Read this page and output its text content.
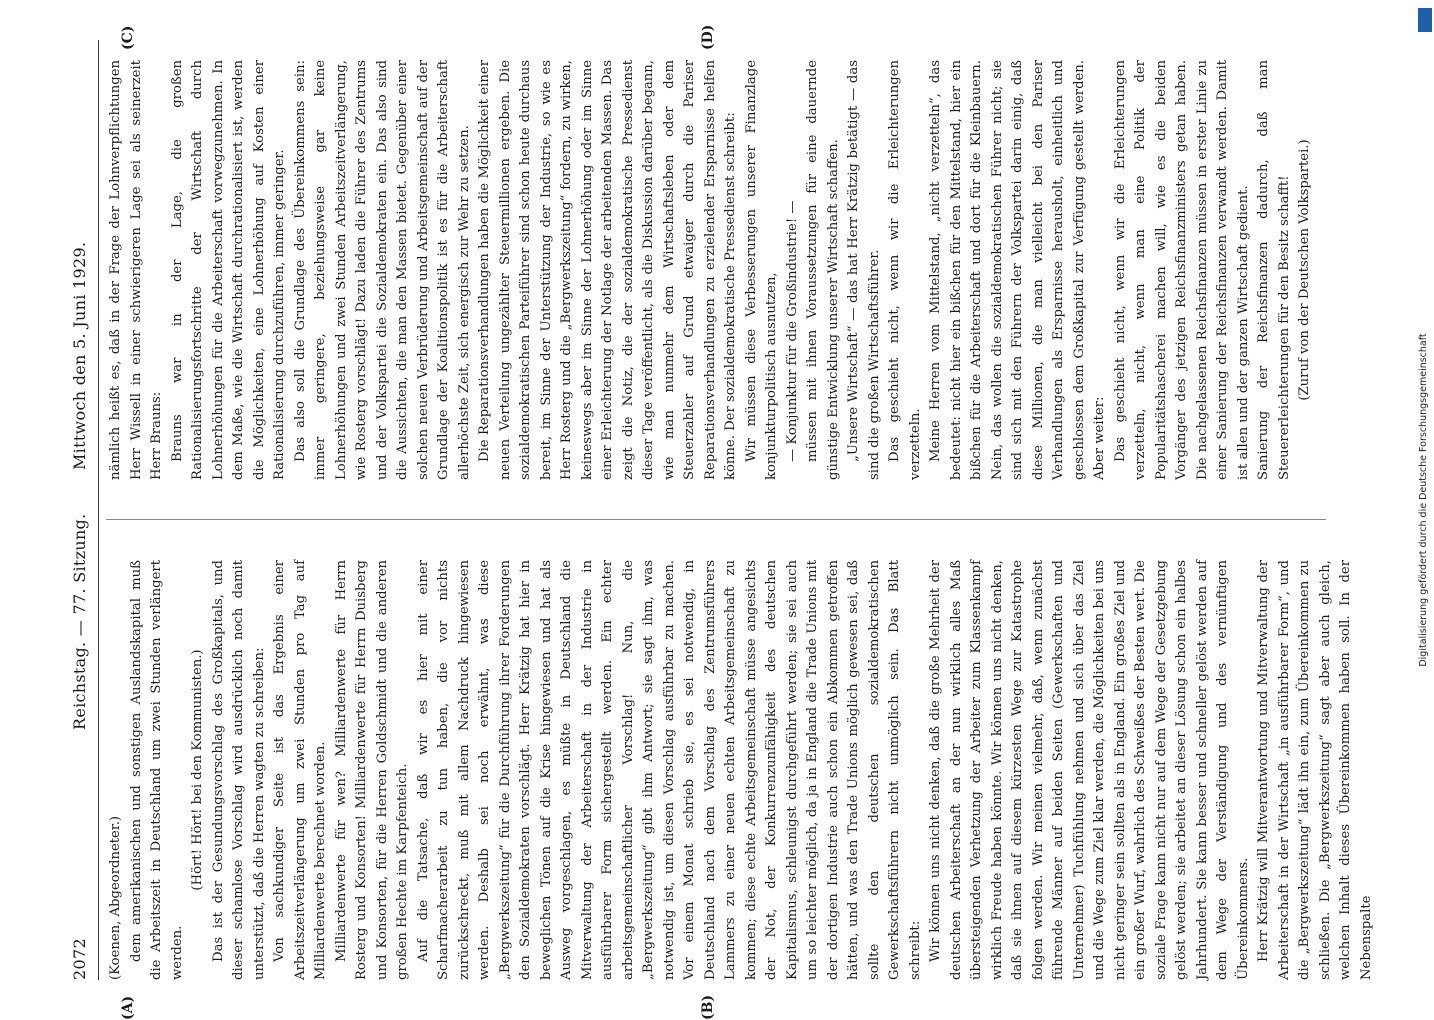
2072
Reichstag. — 77. Sitzung.
Mittwoch den 5. Juni 1929.
(A)	(B)
(C)	(D)

(Koenen, Abgeordneter.) dem amerikanischen und sonstigen Auslandskapital muß die Arbeitszeit in Deutschland um zwei Stunden verlängert werden.

(Hört! Hört! bei den Kommunisten.) Das ist der Gesundungsvorschlag des Großkapitals, und dieser schamlose Vorschlag wird ausdrücklich noch damit unterstützt, daß die Herren wagten zu schreiben: Von sachkundiger Seite ist das Ergebnis einer Arbeitszeitverlängerung um zwei Stunden pro Tag auf Milliardenwerte berechnet worden. Milliardenwerte für wen? Milliardenwerte für Herrn Rosterg und Konsorten! Milliardenwerte für Herrn Duisberg und Konsorten, für die Herren Goldschmidt und die anderen großen Hechte im Karpfenteich. Auf die Tatsache, daß wir es hier mit einer Scharfmacherarbeit zu tun haben, die vor nichts zurückschreckt, muß mit allem Nachdruck hingewiesen werden. Deshalb sei noch erwähnt, was diese „Bergwerkszeitung“ für die Durchführung ihrer Forderungen den Sozialdemokraten vorschlägt. Herr Krätzig hat hier in beweglichen Tönen auf die Krise hingewiesen und hat als Ausweg vorgeschlagen, es müßte in Deutschland die Mitverwaltung der Arbeiterschaft in der Industrie in ausführbarer Form sichergestellt werden. Ein echter arbeitsgemeinschaftlicher Vorschlag! Nun, die „Bergwerkszeitung“ gibt ihm Antwort; sie sagt ihm, was notwendig ist, um diesen Vorschlag ausführbar zu machen. Vor einem Monat schrieb sie, es sei notwendig, in Deutschland nach dem Vorschlag des Zentrumsführers Lammers zu einer neuen echten Arbeitsgemeinschaft zu kommen; diese echte Arbeitsgemeinschaft müsse angesichts der Not, der Konkurrenzunfähigkeit des deutschen Kapitalismus, schleunigst durchgeführt werden; sie sei auch um so leichter möglich, da ja in England die Trade Unions mit der dortigen Industrie auch schon ein Abkommen getroffen hätten, und was den Trade Unions möglich gewesen sei, daß sollte den deutschen sozialdemokratischen Gewerkschaftsführern nicht unmöglich sein. Das Blatt schreibt: Wir können uns nicht denken, daß die große Mehrheit der deutschen Arbeiterschaft an der nun wirklich alles Maß übersteigenden Verhetzung der Arbeiter zum Klassenkampf wirklich Freude haben könnte. Wir können uns nicht denken, daß sie ihnen auf diesem kürzesten Wege zur Katastrophe folgen werden. Wir meinen vielmehr, daß, wenn zunächst führende Männer auf beiden Seiten (Gewerkschaften und Unternehmer) Tuchfühlung nehmen und sich über das Ziel und die Wege zum Ziel klar werden, die Möglichkeiten bei uns nicht geringer sein sollten als in England. Ein großes Ziel und ein großer Wurf, wahrlich des Schweißes der Besten wert. Die soziale Frage kann nicht nur auf dem Wege der Gesetzgebung gelöst werden; sie arbeitet an dieser Lösung schon ein halbes Jahrhundert. Sie kann besser und schneller gelöst werden auf dem Wege der Verständigung und des vernünftigen Übereinkommens. Herr Krätzig will Mitverantwortung und Mitverwaltung der Arbeiterschaft in der Wirtschaft „in ausführbarer Form“, und die „Bergwerkszeitung“ lädt ihn ein, zum Übereinkommen zu schließen. Die „Bergwerkszeitung“ sagt aber auch gleich, welchen Inhalt dieses Übereinkommen haben soll. In der Nebenspalte

nämlich heißt es, daß in der Frage der Lohnverpflichtungen Herr Wissell in einer schwierigeren Lage sei als seinerzeit Herr Brauns: Brauns war in der Lage, die großen Rationalisierungsfortschritte der Wirtschaft durch Lohnerhöhungen für die Arbeiterschaft vorwegzunehmen. In dem Maße, wie die Wirtschaft durchrationalisiert ist, werden die Möglichkeiten, eine Lohnerhöhung auf Kosten einer Rationalisierung durchzuführen, immer geringer. Das also soll die Grundlage des Übereinkommens sein: immer geringere, beziehungsweise gar keine Lohnerhöhungen und zwei Stunden Arbeitszeitverlängerung, wie Rosterg vorschlägt! Dazu laden die Führer des Zentrums und der Volkspartei die Sozialdemokraten ein. Das also sind die Aussichten, die man den Massen bietet. Gegenüber einer solchen neuen Verbrüderung und Arbeitsgemeinschaft auf der Grundlage der Koalitionspolitik ist es für die Arbeiterschaft allerhöchste Zeit, sich energisch zur Wehr zu setzen. Die Reparationsverhandlungen haben die Möglichkeit einer neuen Verteilung ungezählter Steuermillionen ergeben. Die sozialdemokratischen Parteiführer sind schon heute durchaus bereit, im Sinne der Unterstützung der Industrie, so wie es Herr Rosterg und die „Bergwerkszeitung“ fordern, zu wirken, keineswegs aber im Sinne der Lohnerhöhung oder im Sinne einer Erleichterung der Notlage der arbeitenden Massen. Das zeigt die Notiz, die der sozialdemokratische Pressedienst dieser Tage veröffentlicht, als die Diskussion darüber begann, wie man nunmehr dem Wirtschaftsleben oder dem Steuerzahler auf Grund etwaiger durch die Pariser Reparationsverhandlungen zu erzielender Ersparnisse helfen könne. Der sozialdemokratische Pressedienst schreibt: Wir müssen diese Verbesserungen unserer Finanzlage konjunkturpolitisch ausnutzen, — Konjunktur für die Großindustrie! — müssen mit ihnen Voraussetzungen für eine dauernde günstige Entwicklung unserer Wirtschaft schaffen. „Unsere Wirtschaft“ — das hat Herr Krätzig betätigt — das sind die großen Wirtschaftsführer. Das geschieht nicht, wenn wir die Erleichterungen verzetteln. Meine Herren vom Mittelstand, „nicht verzetteln“, das bedeutet: nicht hier ein bißchen für den Mittelstand, hier ein bißchen für die Arbeiterschaft und dort für die Kleinbauern. Nein, das wollen die sozialdemokratischen Führer nicht; sie sind sich mit den Führern der Volkspartei darin einig, daß diese Millionen, die man vielleicht bei den Pariser Verhandlungen als Ersparnisse herausholt, einheitlich und geschlossen dem Großkapital zur Verfügung gestellt werden. Aber weiter: Das geschieht nicht, wenn wir die Erleichterungen verzetteln, nicht, wenn man eine Politik der Popularitätshascherei machen will, wie es die beiden Vorgänger des jetzigen Reichsfinanzministers getan haben. Die nachgelassenen Reichsfinanzen müssen in erster Linie zu einer Sanierung der Reichsfinanzen verwandt werden. Damit ist allen und der ganzen Wirtschaft gedient. Sanierung der Reichsfinanzen dadurch, daß man Steuererleichterungen für den Besitz schafft! (Zuruf von der Deutschen Volkspartei.)

Digitalisierung gefördert durch die Deutsche Forschungsgemeinschaft
